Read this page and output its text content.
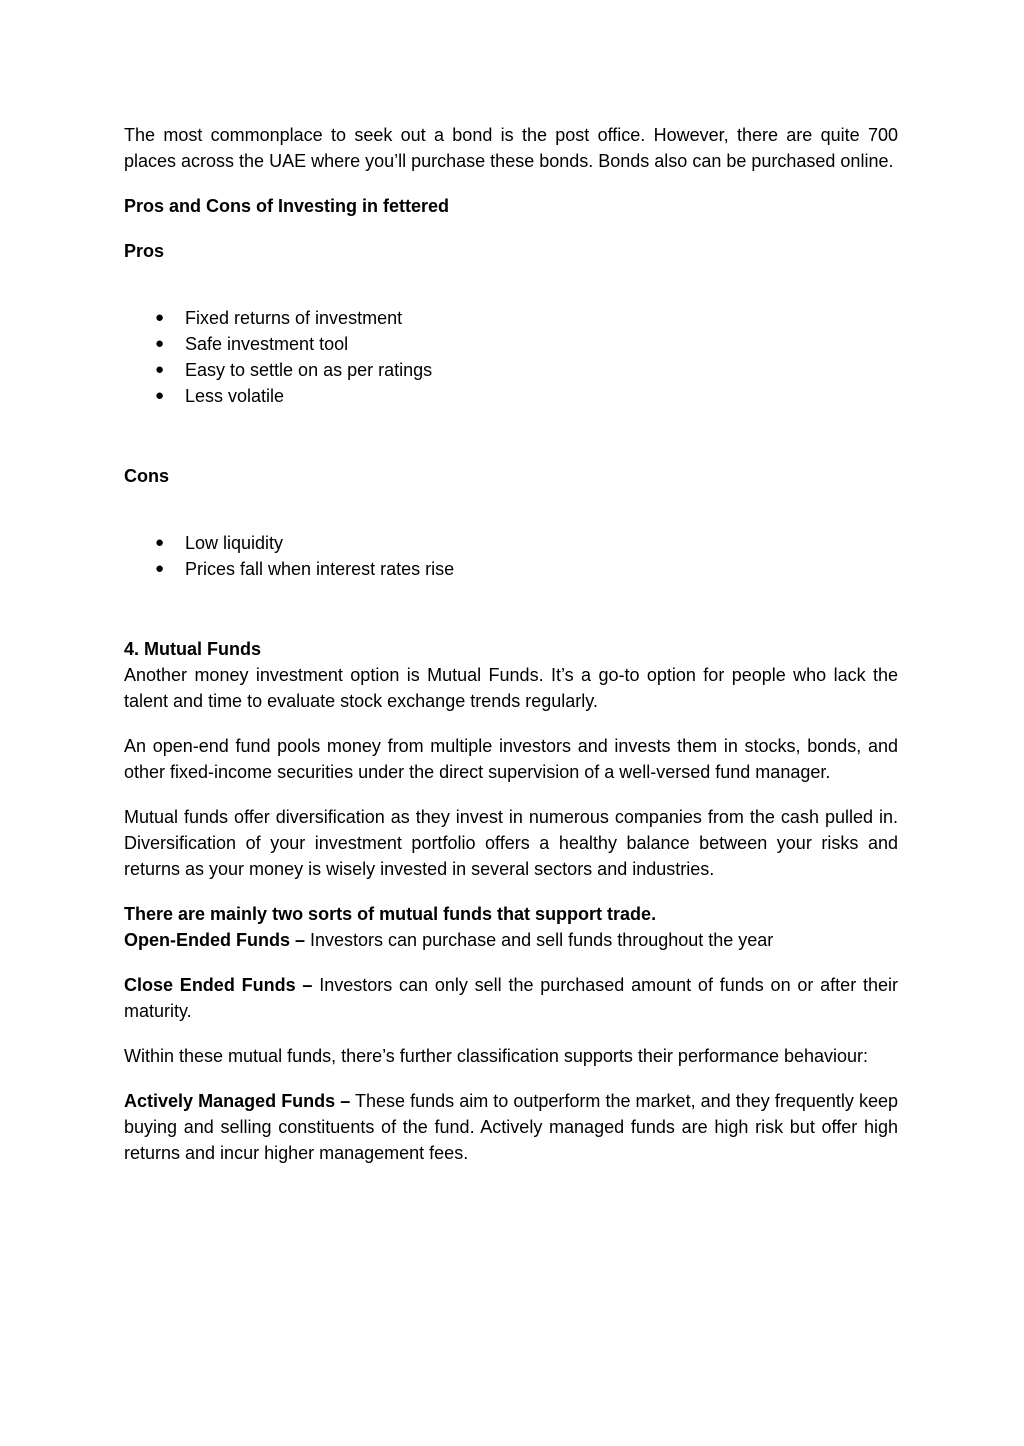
The most commonplace to seek out a bond is the post office. However, there are quite 700 places across the UAE where you’ll purchase these bonds. Bonds also can be purchased online.

Pros and Cons of Investing in fettered

Pros

● Fixed returns of investment
● Safe investment tool
● Easy to settle on as per ratings
● Less volatile

Cons

● Low liquidity
● Prices fall when interest rates rise

4. Mutual Funds

Another money investment option is Mutual Funds. It’s a go-to option for people who lack the talent and time to evaluate stock exchange trends regularly.

An open-end fund pools money from multiple investors and invests them in stocks, bonds, and other fixed-income securities under the direct supervision of a well-versed fund manager.

Mutual funds offer diversification as they invest in numerous companies from the cash pulled in. Diversification of your investment portfolio offers a healthy balance between your risks and returns as your money is wisely invested in several sectors and industries.

There are mainly two sorts of mutual funds that support trade.

Open-Ended Funds – Investors can purchase and sell funds throughout the year

Close Ended Funds – Investors can only sell the purchased amount of funds on or after their maturity.

Within these mutual funds, there’s further classification supports their performance behaviour:

Actively Managed Funds – These funds aim to outperform the market, and they frequently keep buying and selling constituents of the fund. Actively managed funds are high risk but offer high returns and incur higher management fees.
